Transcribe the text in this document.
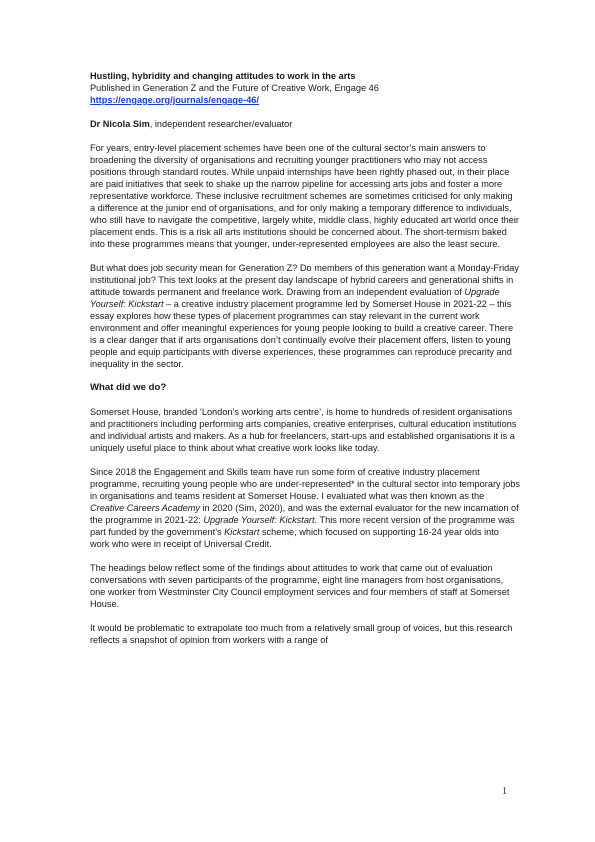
Hustling, hybridity and changing attitudes to work in the arts

Published in Generation Z and the Future of Creative Work, Engage 46

https://engage.org/journals/engage-46/

Dr Nicola Sim, independent researcher/evaluator

For years, entry-level placement schemes have been one of the cultural sector’s main answers to broadening the diversity of organisations and recruiting younger practitioners who may not access positions through standard routes. While unpaid internships have been rightly phased out, in their place are paid initiatives that seek to shake up the narrow pipeline for accessing arts jobs and foster a more representative workforce. These inclusive recruitment schemes are sometimes criticised for only making a difference at the junior end of organisations, and for only making a temporary difference to individuals, who still have to navigate the competitive, largely white, middle class, highly educated art world once their placement ends. This is a risk all arts institutions should be concerned about. The short-termism baked into these programmes means that younger, under-represented employees are also the least secure.

But what does job security mean for Generation Z? Do members of this generation want a Monday-Friday institutional job? This text looks at the present day landscape of hybrid careers and generational shifts in attitude towards permanent and freelance work. Drawing from an independent evaluation of Upgrade Yourself: Kickstart – a creative industry placement programme led by Somerset House in 2021-22 – this essay explores how these types of placement programmes can stay relevant in the current work environment and offer meaningful experiences for young people looking to build a creative career. There is a clear danger that if arts organisations don’t continually evolve their placement offers, listen to young people and equip participants with diverse experiences, these programmes can reproduce precarity and inequality in the sector.

What did we do?

Somerset House, branded ‘London’s working arts centre’, is home to hundreds of resident organisations and practitioners including performing arts companies, creative enterprises, cultural education institutions and individual artists and makers. As a hub for freelancers, start-ups and established organisations it is a uniquely useful place to think about what creative work looks like today.

Since 2018 the Engagement and Skills team have run some form of creative industry placement programme, recruiting young people who are under-represented* in the cultural sector into temporary jobs in organisations and teams resident at Somerset House. I evaluated what was then known as the Creative Careers Academy in 2020 (Sim, 2020), and was the external evaluator for the new incarnation of the programme in 2021-22: Upgrade Yourself: Kickstart. This more recent version of the programme was part funded by the government’s Kickstart scheme, which focused on supporting 16-24 year olds into work who were in receipt of Universal Credit.

The headings below reflect some of the findings about attitudes to work that came out of evaluation conversations with seven participants of the programme, eight line managers from host organisations, one worker from Westminster City Council employment services and four members of staff at Somerset House.

It would be problematic to extrapolate too much from a relatively small group of voices, but this research reflects a snapshot of opinion from workers with a range of

1
